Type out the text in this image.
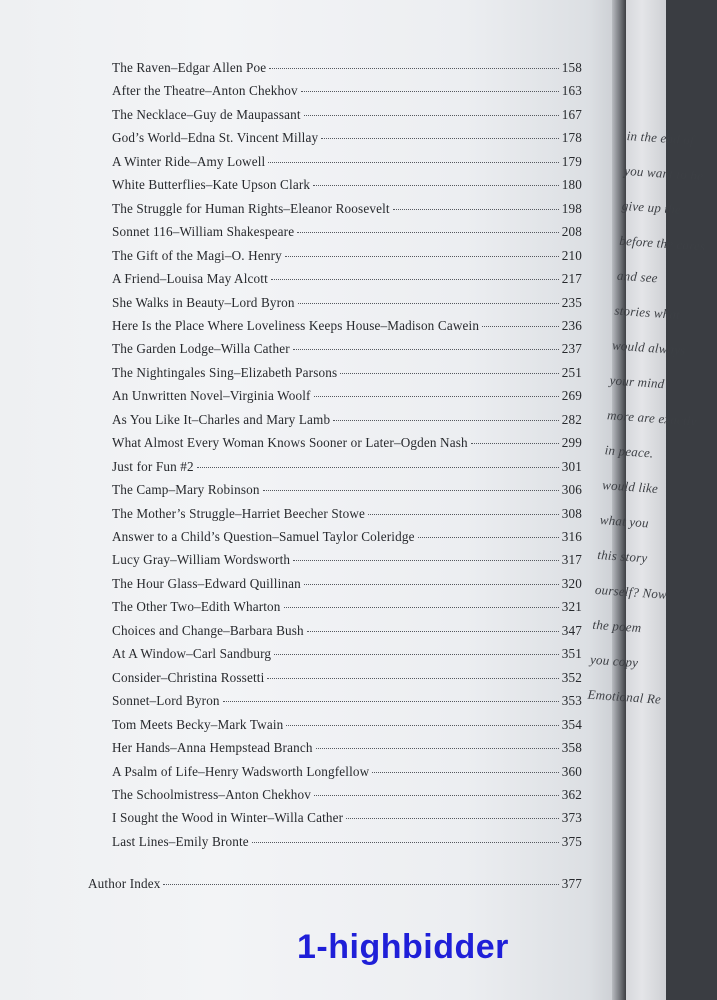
in the end of
you want to be
give up the
before the cares
and see
stories what
would always
your mind
more are exactly
in peace.
would like
what you
this story
ourself? Now
the poem
you copy
Emotional Re
The Raven–Edgar Allen Poe	158
After the Theatre–Anton Chekhov	163
The Necklace–Guy de Maupassant	167
God’s World–Edna St. Vincent Millay	178
A Winter Ride–Amy Lowell	179
White Butterflies–Kate Upson Clark	180
The Struggle for Human Rights–Eleanor Roosevelt	198
Sonnet 116–William Shakespeare	208
The Gift of the Magi–O. Henry	210
A Friend–Louisa May Alcott	217
She Walks in Beauty–Lord Byron	235
Here Is the Place Where Loveliness Keeps House–Madison Cawein	236
The Garden Lodge–Willa Cather	237
The Nightingales Sing–Elizabeth Parsons	251
An Unwritten Novel–Virginia Woolf	269
As You Like It–Charles and Mary Lamb	282
What Almost Every Woman Knows Sooner or Later–Ogden Nash	299
Just for Fun #2	301
The Camp–Mary Robinson	306
The Mother’s Struggle–Harriet Beecher Stowe	308
Answer to a Child’s Question–Samuel Taylor Coleridge	316
Lucy Gray–William Wordsworth	317
The Hour Glass–Edward Quillinan	320
The Other Two–Edith Wharton	321
Choices and Change–Barbara Bush	347
At A Window–Carl Sandburg	351
Consider–Christina Rossetti	352
Sonnet–Lord Byron	353
Tom Meets Becky–Mark Twain	354
Her Hands–Anna Hempstead Branch	358
A Psalm of Life–Henry Wadsworth Longfellow	360
The Schoolmistress–Anton Chekhov	362
I Sought the Wood in Winter–Willa Cather	373
Last Lines–Emily Bronte	375
Author Index	377
1-highbidder
